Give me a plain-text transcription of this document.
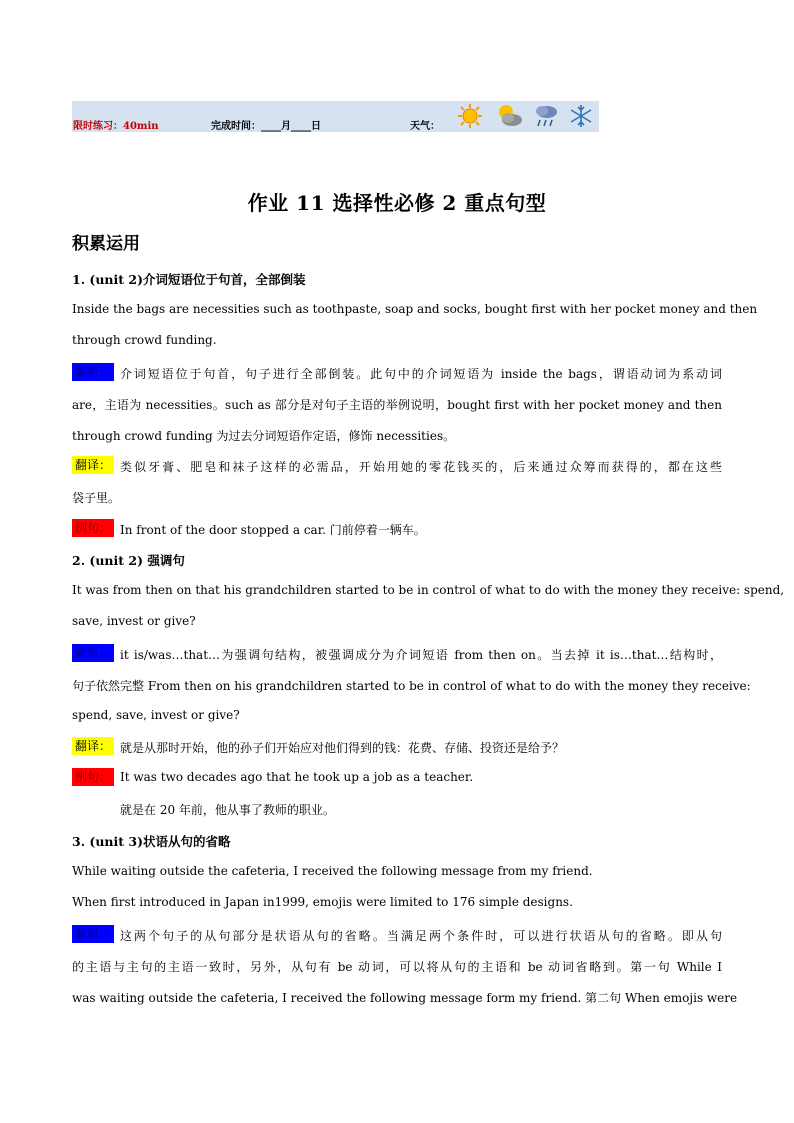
限时练习：40min	完成时间：____月____日	天气：
作业 11 选择性必修 2 重点句型
积累运用
1. (unit 2)介词短语位于句首，全部倒装
Inside the bags are necessities such as toothpaste, soap and socks, bought first with her pocket money and then
through crowd funding.
解析： 介词短语位于句首，句子进行全部倒装。此句中的介词短语为 inside the bags，谓语动词为系动词
are，主语为 necessities。such as 部分是对句子主语的举例说明，bought first with her pocket money and then
through crowd funding 为过去分词短语作定语，修饰 necessities。
翻译： 类似牙膏、肥皂和袜子这样的必需品，开始用她的零花钱买的，后来通过众筹而获得的，都在这些
袋子里。
例句： In front of the door stopped a car. 门前停着一辆车。
2. (unit 2) 强调句
It was from then on that his grandchildren started to be in control of what to do with the money they receive: spend,
save, invest or give?
解析： it is/was…that…为强调句结构，被强调成分为介词短语 from then on。当去掉 it is…that…结构时，
句子依然完整 From then on his grandchildren started to be in control of what to do with the money they receive:
spend, save, invest or give?
翻译： 就是从那时开始，他的孙子们开始应对他们得到的钱：花费、存储、投资还是给予？
例句： It was two decades ago that he took up a job as a teacher.
就是在 20 年前，他从事了教师的职业。
3. (unit 3)状语从句的省略
While waiting outside the cafeteria, I received the following message from my friend.
When first introduced in Japan in1999, emojis were limited to 176 simple designs.
解析： 这两个句子的从句部分是状语从句的省略。当满足两个条件时，可以进行状语从句的省略。即从句
的主语与主句的主语一致时，另外，从句有 be 动词，可以将从句的主语和 be 动词省略到。第一句 While I
was waiting outside the cafeteria, I received the following message form my friend. 第二句 When emojis were
